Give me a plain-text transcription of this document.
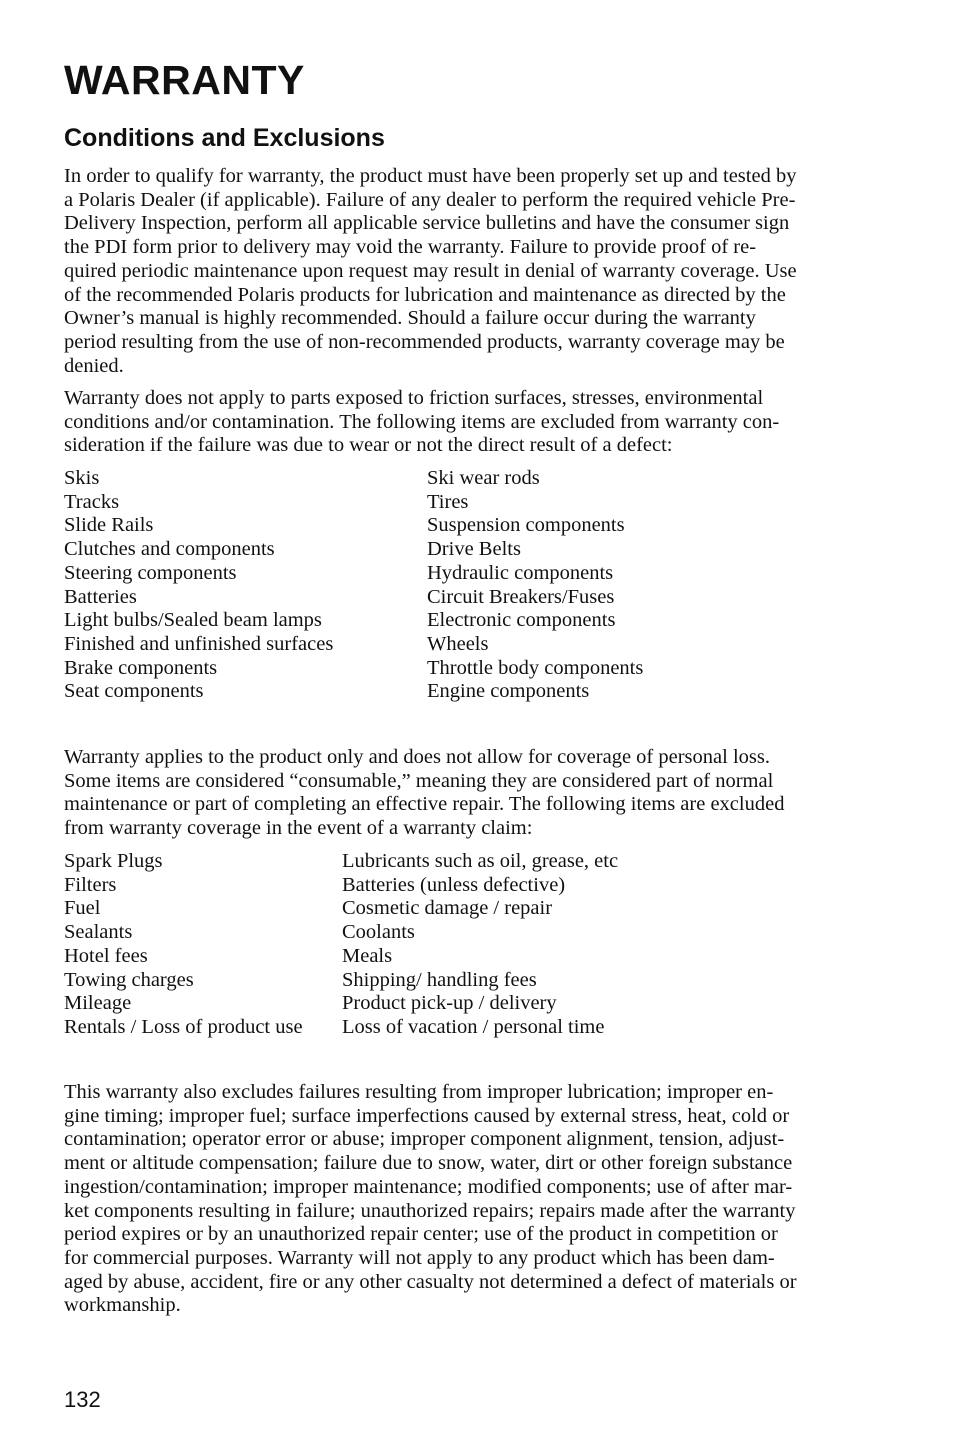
WARRANTY
Conditions and Exclusions

In order to qualify for warranty, the product must have been properly set up and tested by
a Polaris Dealer (if applicable). Failure of any dealer to perform the required vehicle Pre-
Delivery Inspection, perform all applicable service bulletins and have the consumer sign
the PDI form prior to delivery may void the warranty. Failure to provide proof of re-
quired periodic maintenance upon request may result in denial of warranty coverage. Use
of the recommended Polaris products for lubrication and maintenance as directed by the
Owner’s manual is highly recommended. Should a failure occur during the warranty
period resulting from the use of non-recommended products, warranty coverage may be
denied.

Warranty does not apply to parts exposed to friction surfaces, stresses, environmental
conditions and/or contamination. The following items are excluded from warranty con-
sideration if the failure was due to wear or not the direct result of a defect:

Skis	Ski wear rods
Tracks	Tires
Slide Rails	Suspension components
Clutches and components	Drive Belts
Steering components	Hydraulic components
Batteries	Circuit Breakers/Fuses
Light bulbs/Sealed beam lamps	Electronic components
Finished and unfinished surfaces	Wheels
Brake components	Throttle body components
Seat components	Engine components

Warranty applies to the product only and does not allow for coverage of personal loss.
Some items are considered “consumable,” meaning they are considered part of normal
maintenance or part of completing an effective repair. The following items are excluded
from warranty coverage in the event of a warranty claim:

Spark Plugs	Lubricants such as oil, grease, etc
Filters	Batteries (unless defective)
Fuel	Cosmetic damage / repair
Sealants	Coolants
Hotel fees	Meals
Towing charges	Shipping/ handling fees
Mileage	Product pick-up / delivery
Rentals / Loss of product use	Loss of vacation / personal time

This warranty also excludes failures resulting from improper lubrication; improper en-
gine timing; improper fuel; surface imperfections caused by external stress, heat, cold or
contamination; operator error or abuse; improper component alignment, tension, adjust-
ment or altitude compensation; failure due to snow, water, dirt or other foreign substance
ingestion/contamination; improper maintenance; modified components; use of after mar-
ket components resulting in failure; unauthorized repairs; repairs made after the warranty
period expires or by an unauthorized repair center; use of the product in competition or
for commercial purposes. Warranty will not apply to any product which has been dam-
aged by abuse, accident, fire or any other casualty not determined a defect of materials or
workmanship.

132
